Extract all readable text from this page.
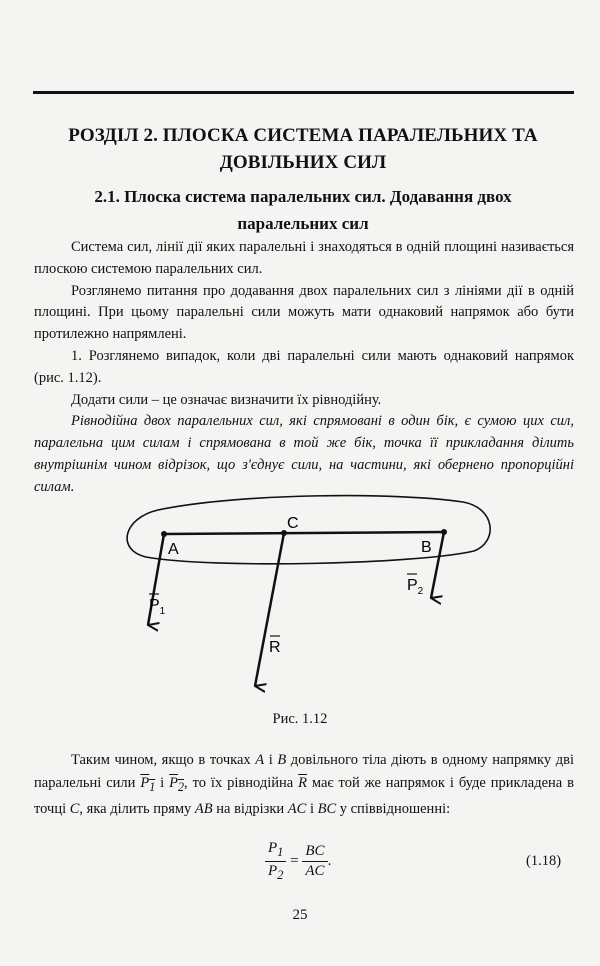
РОЗДІЛ 2. ПЛОСКА СИСТЕМА ПАРАЛЕЛЬНИХ ТА
ДОВІЛЬНИХ СИЛ
2.1. Плоска система паралельних сил. Додавання двох
паралельних сил

Система сил, лінії дії яких паралельні і знаходяться в одній площині називається плоскою системою паралельних сил.

Розглянемо питання про додавання двох паралельних сил з лініями дії в одній площині. При цьому паралельні сили можуть мати однаковий напрямок або бути протилежно напрямлені.

1. Розглянемо випадок, коли дві паралельні сили мають однаковий напрямок (рис. 1.12).

Додати сили – це означає визначити їх рівнодійну.

Рівнодійна двох паралельних сил, які спрямовані в один бік, є сумою цих сил, паралельна цим силам і спрямована в той же бік, точка її прикладання ділить внутрішнім чином відрізок, що з'єднує сили, на частини, які обернено пропорційні силам.

A
C
B
$P_1$
$P_2$
R
Рис. 1.12

Таким чином, якщо в точках A і B довільного тіла діють в одному напрямку дві паралельні сили $P_1$ і $P_2$, то їх рівнодійна $\overline{R}$ має той же напрямок і буде прикладена в точці C, яка ділить пряму AB на відрізки AC і BC у співвідношенні:

$\frac{P_1}{P_2} = \frac{BC}{AC}$ .	(1.18)
25
